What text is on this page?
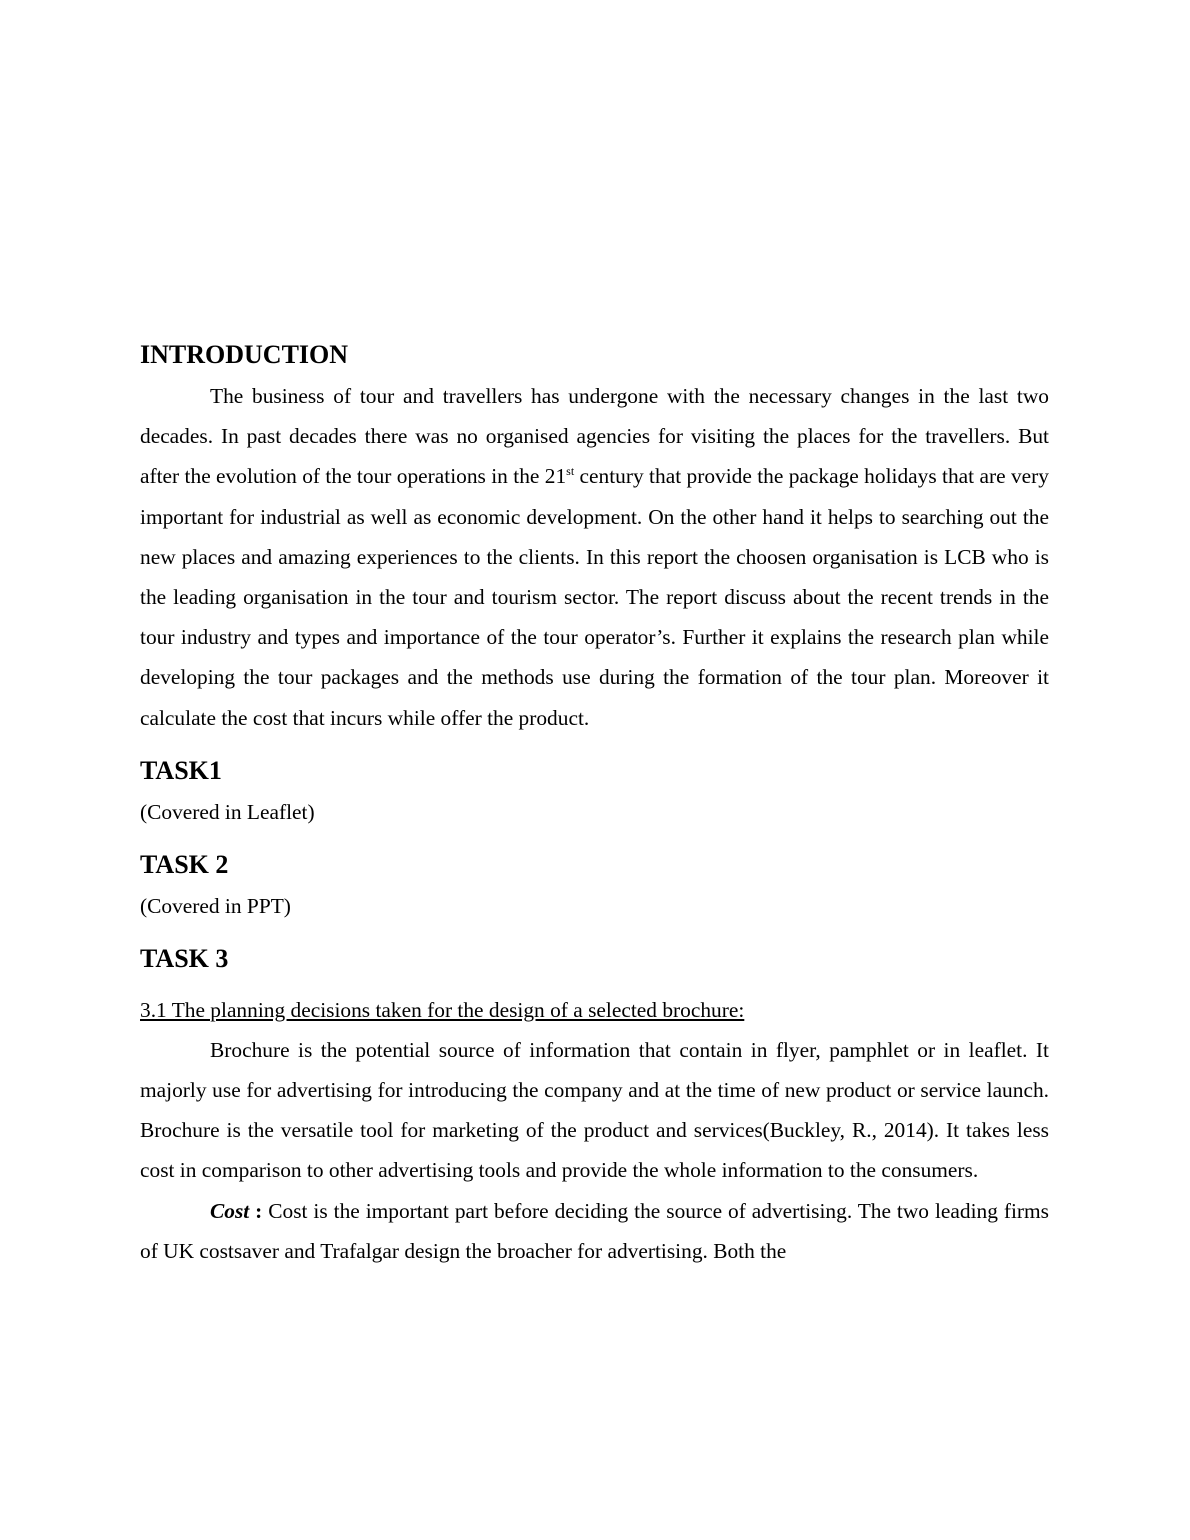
INTRODUCTION

The business of tour and travellers has undergone with the necessary changes in the last two decades. In past decades there was no organised agencies for visiting the places for the travellers. But after the evolution of the tour operations in the 21st century that provide the package holidays that are very important for industrial as well as economic development. On the other hand it helps to searching out the new places and amazing experiences to the clients. In this report the choosen organisation is LCB who is the leading organisation in the tour and tourism sector. The report discuss about the recent trends in the tour industry and types and importance of the tour operator’s. Further it explains the research plan while developing the tour packages and the methods use during the formation of the tour plan. Moreover it calculate the cost that incurs while offer the product.

TASK1

(Covered in Leaflet)

TASK 2

(Covered in PPT)

TASK 3

3.1 The planning decisions taken for the design of a selected brochure:

Brochure is the potential source of information that contain in flyer, pamphlet or in leaflet. It majorly use for advertising for introducing the company and at the time of new product or service launch. Brochure is the versatile tool for marketing of the product and services(Buckley, R., 2014). It takes less cost in comparison to other advertising tools and provide the whole information to the consumers.

Cost : Cost is the important part before deciding the source of advertising. The two leading firms of UK costsaver and Trafalgar design the broacher for advertising. Both the
